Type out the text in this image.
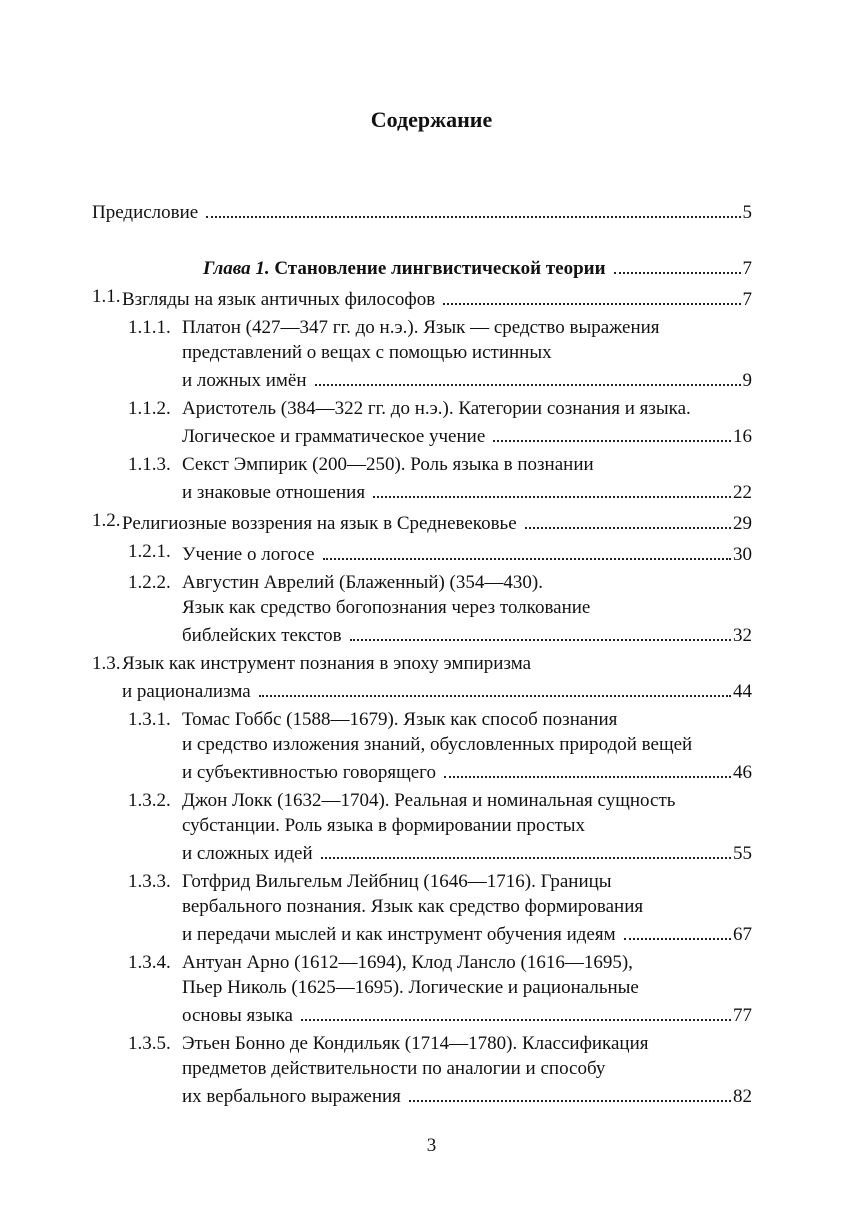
Содержание
Предисловие	5
Глава 1. Становление лингвистической теории	7
1.1. Взгляды на язык античных философов	7
1.1.1. Платон (427—347 гг. до н.э.). Язык — средство выражения
представлений о вещах с помощью истинных
и ложных имён	9
1.1.2. Аристотель (384—322 гг. до н.э.). Категории сознания и языка.
Логическое и грамматическое учение	16
1.1.3. Секст Эмпирик (200—250). Роль языка в познании
и знаковые отношения	22
1.2. Религиозные воззрения на язык в Средневековье	29
1.2.1. Учение о логосе	30
1.2.2. Августин Аврелий (Блаженный) (354—430).
Язык как средство богопознания через толкование
библейских текстов	32
1.3. Язык как инструмент познания в эпоху эмпиризма
и рационализма	44
1.3.1. Томас Гоббс (1588—1679). Язык как способ познания
и средство изложения знаний, обусловленных природой вещей
и субъективностью говорящего	46
1.3.2. Джон Локк (1632—1704). Реальная и номинальная сущность
субстанции. Роль языка в формировании простых
и сложных идей	55
1.3.3. Готфрид Вильгельм Лейбниц (1646—1716). Границы
вербального познания. Язык как средство формирования
и передачи мыслей и как инструмент обучения идеям	67
1.3.4. Антуан Арно (1612—1694), Клод Лансло (1616—1695),
Пьер Николь (1625—1695). Логические и рациональные
основы языка	77
1.3.5. Этьен Бонно де Кондильяк (1714—1780). Классификация
предметов действительности по аналогии и способу
их вербального выражения	82
3
